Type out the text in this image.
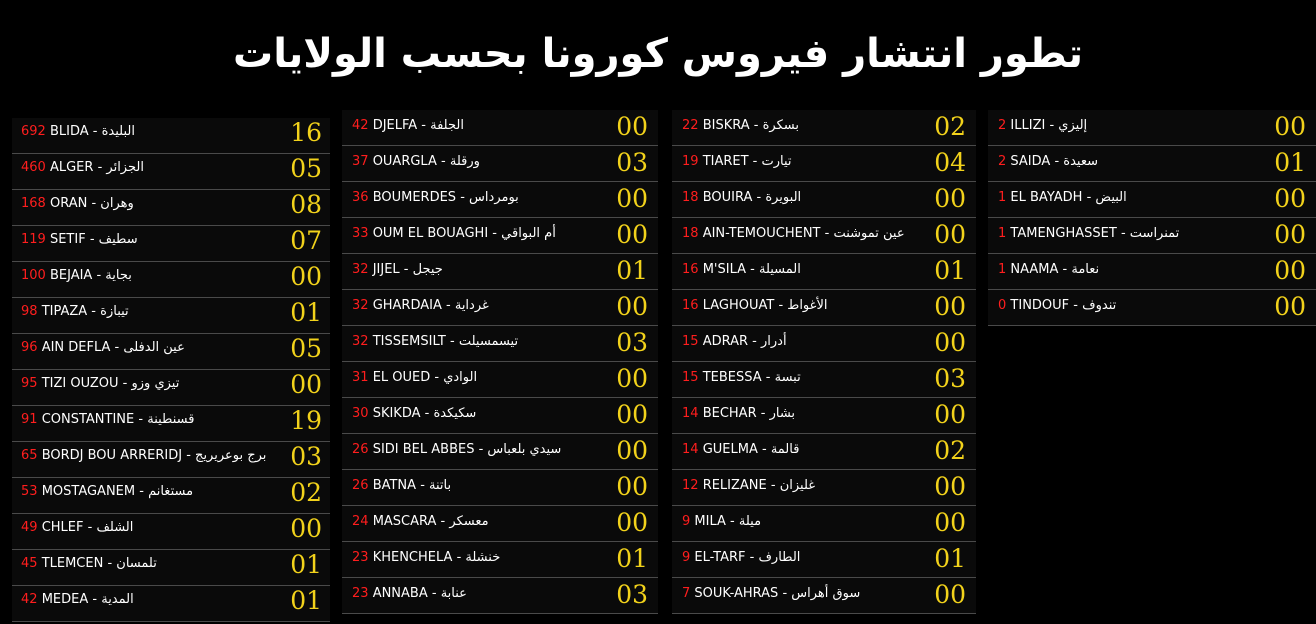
تطور انتشار فيروس كورونا بحسب الولايات
692 BLIDA - البليدة	16
460 ALGER - الجزائر	05
168 ORAN - وهران	08
119 SETIF - سطيف	07
100 BEJAIA - بجاية	00
98 TIPAZA - تيبازة	01
96 AIN DEFLA - عين الدفلى	05
95 TIZI OUZOU - تيزي وزو	00
91 CONSTANTINE - قسنطينة	19
65 BORDJ BOU ARRERIDJ - برج بوعريريج 03
53 MOSTAGANEM - مستغانم	02
49 CHLEF - الشلف	00
45 TLEMCEN - تلمسان	01
42 MEDEA - المدية	01
42 DJELFA - الجلفة	00
37 OUARGLA - ورقلة	03
36 BOUMERDES - بومرداس	00
33 OUM EL BOUAGHI - أم البواقي 00
32 JIJEL - جيجل	01
32 GHARDAIA - غرداية	00
32 TISSEMSILT - تيسمسيلت	03
31 EL OUED - الوادي	00
30 SKIKDA - سكيكدة	00
26 SIDI BEL ABBES - سيدي بلعباس 00
26 BATNA - باتنة	00
24 MASCARA - معسكر	00
23 KHENCHELA - خنشلة	01
23 ANNABA - عنابة	03
22 BISKRA - بسكرة	02
19 TIARET - تيارت	04
18 BOUIRA - البويرة	00
18 AIN-TEMOUCHENT - عين تموشنت 00
16 M'SILA - المسيلة	01
16 LAGHOUAT - الأغواط	00
15 ADRAR - أدرار	00
15 TEBESSA - تبسة	03
14 BECHAR - بشار	00
14 GUELMA - قالمة	02
12 RELIZANE - غليزان	00
9 MILA - ميلة	00
9 EL-TARF - الطارف	01
7 SOUK-AHRAS - سوق أهراس	00
2 ILLIZI - إليزي	00
2 SAIDA - سعيدة	01
1 EL BAYADH - البيض	00
1 TAMENGHASSET - تمنراست	00
1 NAAMA - نعامة	00
0 TINDOUF - تندوف	00
